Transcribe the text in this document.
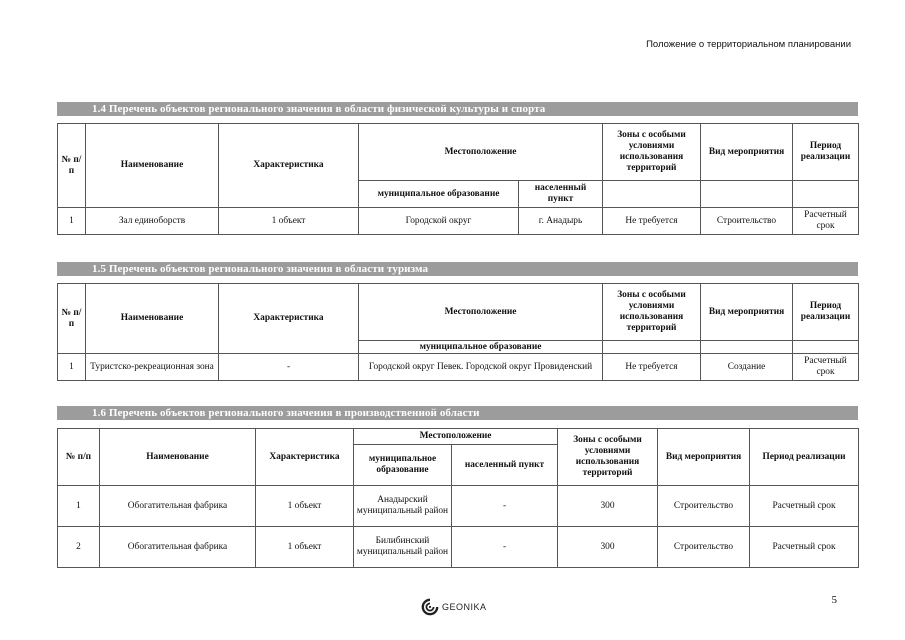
Положение о территориальном планировании
1.4 Перечень объектов регионального значения в области физической культуры и спорта
№ п/п	Наименование	Характеристика	Местоположение		Зоны с особыми условиями использования территорий	Вид мероприятия	Период реализации
			муниципальное образование	населенный пункт			
1	Зал единоборств	1 объект	Городской округ	г. Анадырь	Не требуется	Строительство	Расчетный срок
1.5 Перечень объектов регионального значения в области туризма
№ п/п	Наименование	Характеристика	Местоположение	Зоны с особыми условиями использования территорий	Вид мероприятия	Период реализации
			муниципальное образование			
1	Туристско-рекреационная зона	-	Городской округ Певек. Городской округ Провиденский	Не требуется	Создание	Расчетный срок
1.6 Перечень объектов регионального значения в производственной области
№ п/п	Наименование	Характеристика	Местоположение		Зоны с особыми условиями использования территорий	Вид мероприятия	Период реализации
			муниципальное образование	населенный пункт			
1	Обогатительная фабрика	1 объект	Анадырский муниципальный район	-	300	Строительство	Расчетный срок
2	Обогатительная фабрика	1 объект	Билибинский муниципальный район	-	300	Строительство	Расчетный срок
GEONIKA
5
